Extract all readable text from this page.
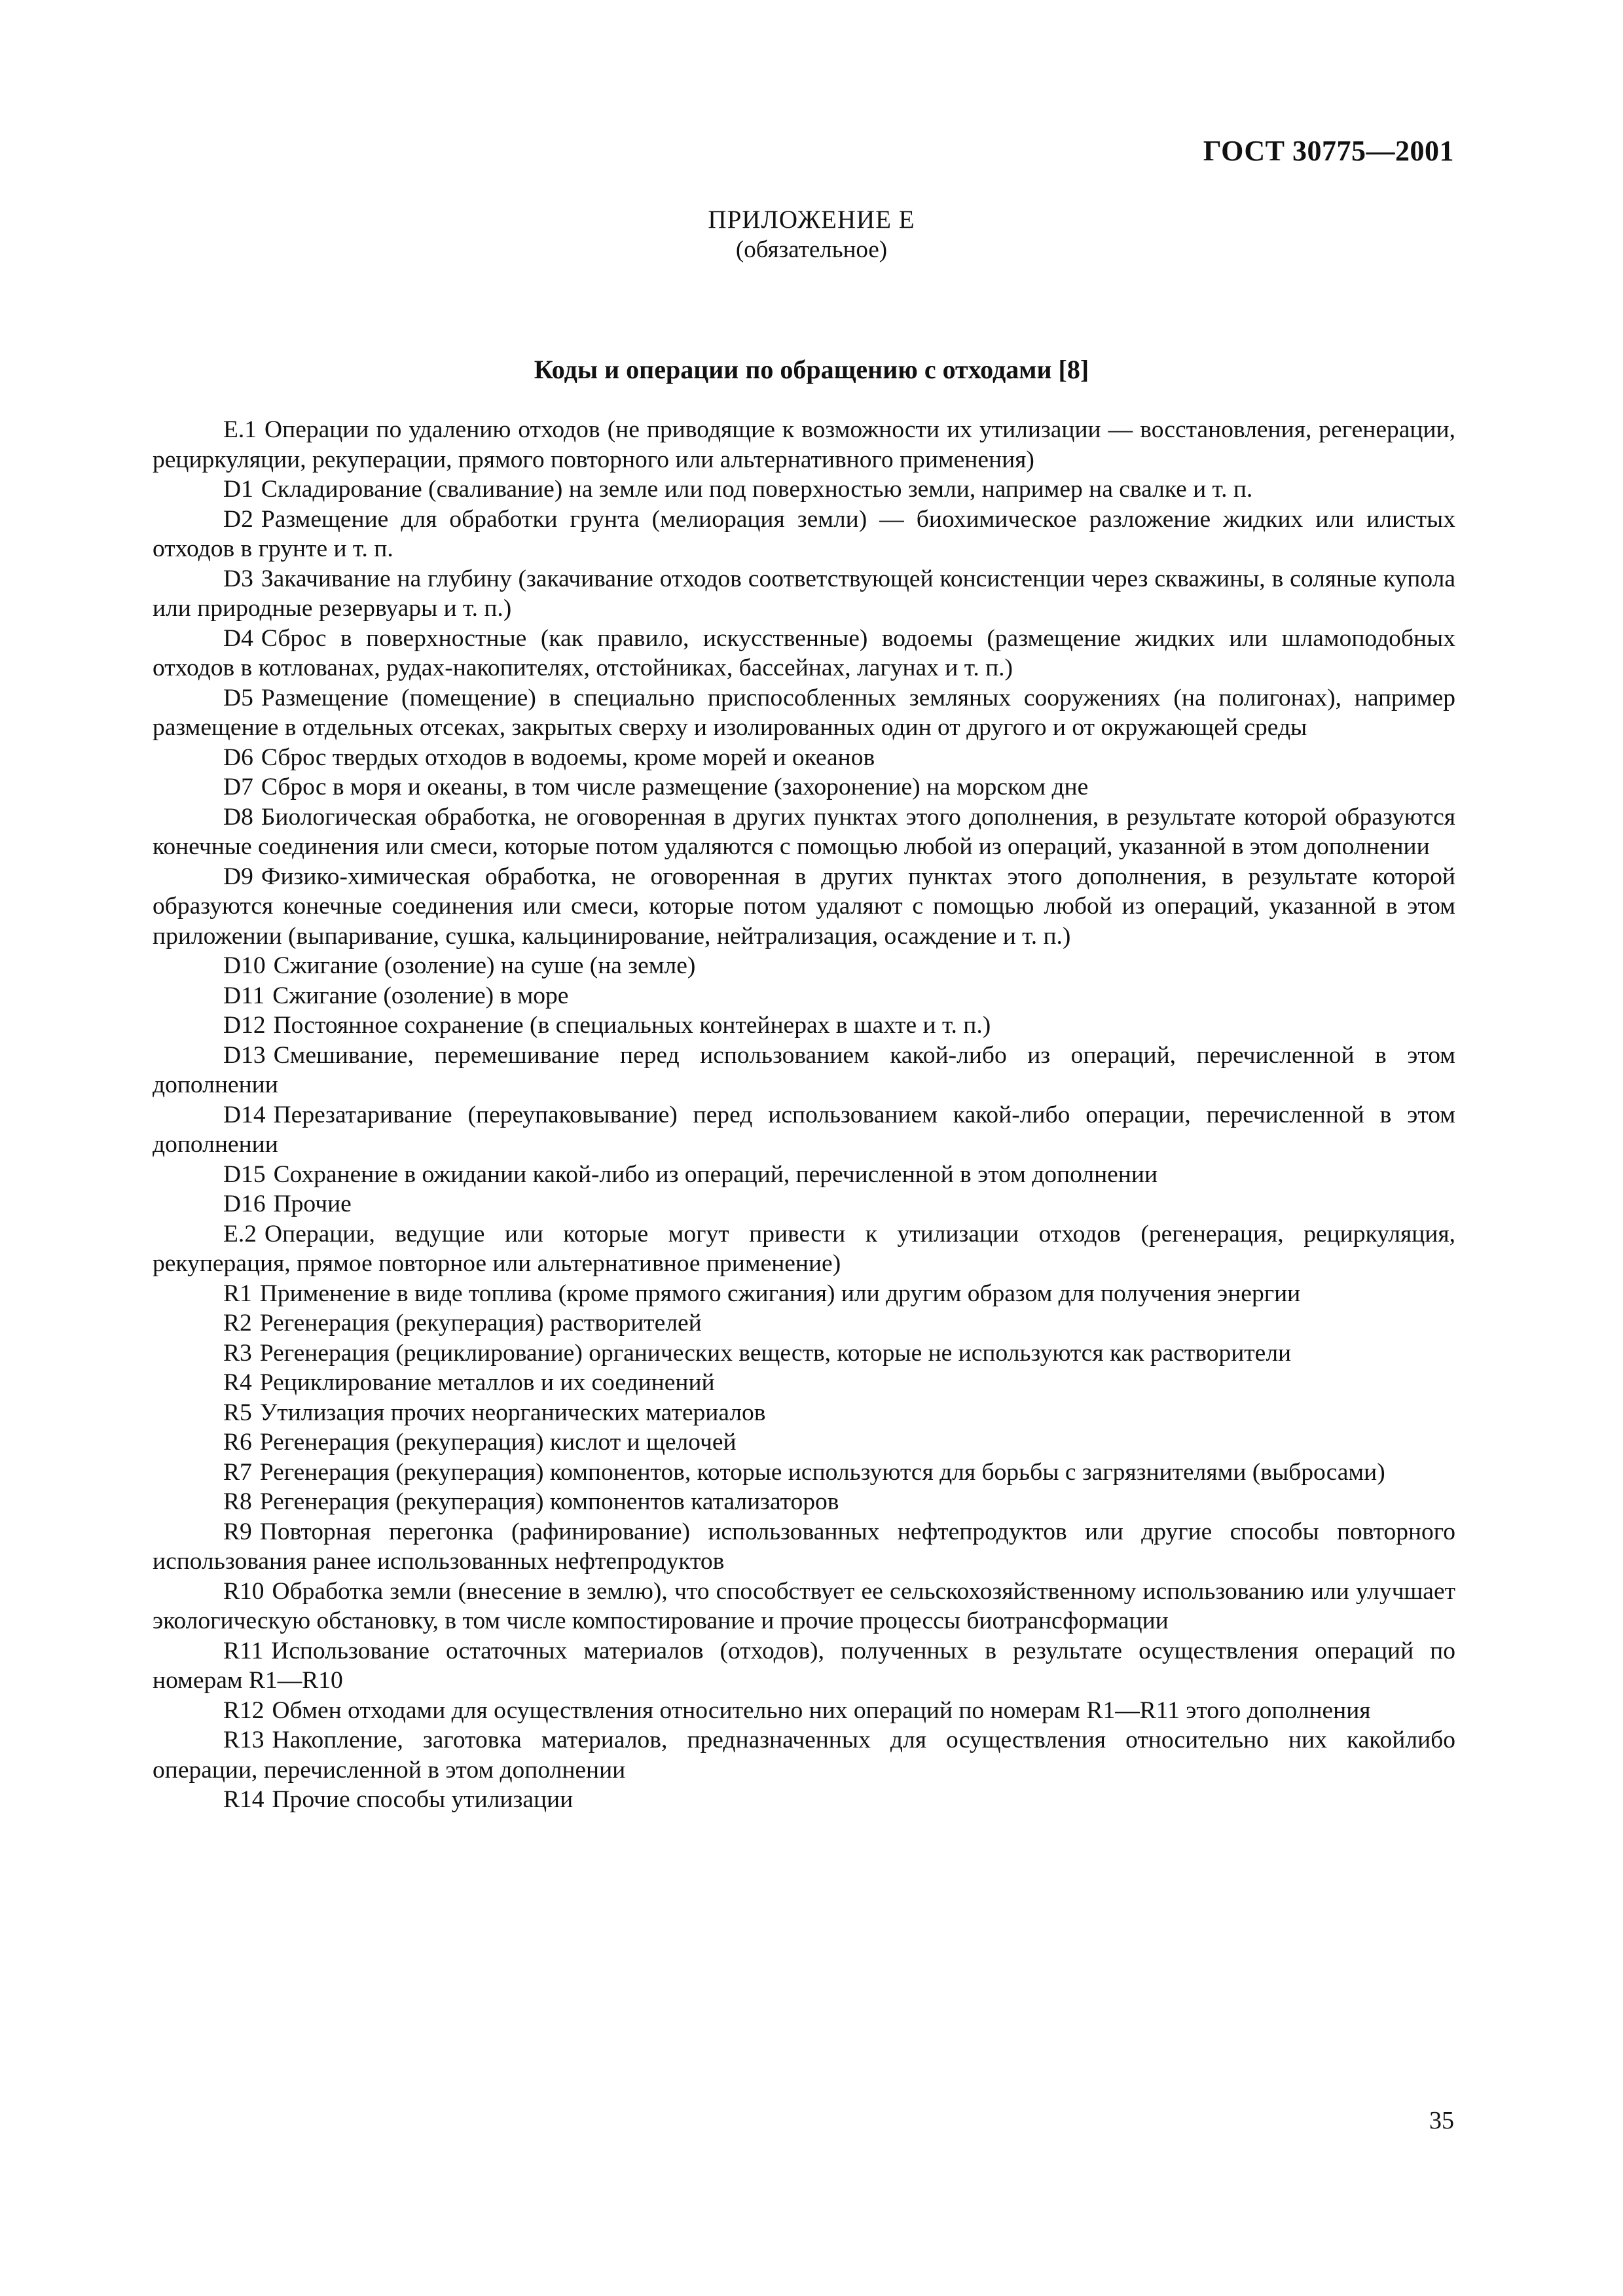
ГОСТ 30775—2001
ПРИЛОЖЕНИЕ Е
(обязательное)
Коды и операции по обращению с отходами [8]

Е.1 Операции по удалению отходов (не приводящие к возможности их утилизации — восстановления, регенерации, рециркуляции, рекуперации, прямого повторного или альтернативного применения)

D1 Складирование (сваливание) на земле или под поверхностью земли, например на свалке и т. п.

D2 Размещение для обработки грунта (мелиорация земли) — биохимическое разложение жидких или илистых отходов в грунте и т. п.

D3 Закачивание на глубину (закачивание отходов соответствующей консистенции через скважины, в соляные купола или природные резервуары и т. п.)

D4 Сброс в поверхностные (как правило, искусственные) водоемы (размещение жидких или шламоподобных отходов в котлованах, рудах-накопителях, отстойниках, бассейнах, лагунах и т. п.)

D5 Размещение (помещение) в специально приспособленных земляных сооружениях (на полигонах), например размещение в отдельных отсеках, закрытых сверху и изолированных один от другого и от окружающей среды

D6 Сброс твердых отходов в водоемы, кроме морей и океанов

D7 Сброс в моря и океаны, в том числе размещение (захоронение) на морском дне

D8 Биологическая обработка, не оговоренная в других пунктах этого дополнения, в результате которой образуются конечные соединения или смеси, которые потом удаляются с помощью любой из операций, указанной в этом дополнении

D9 Физико-химическая обработка, не оговоренная в других пунктах этого дополнения, в результате которой образуются конечные соединения или смеси, которые потом удаляют с помощью любой из операций, указанной в этом приложении (выпаривание, сушка, кальцинирование, нейтрализация, осаждение и т. п.)

D10 Сжигание (озоление) на суше (на земле)

D11 Сжигание (озоление) в море

D12 Постоянное сохранение (в специальных контейнерах в шахте и т. п.)

D13 Смешивание, перемешивание перед использованием какой-либо из операций, перечисленной в этом дополнении

D14 Перезатаривание (переупаковывание) перед использованием какой-либо операции, перечисленной в этом дополнении

D15 Сохранение в ожидании какой-либо из операций, перечисленной в этом дополнении

D16 Прочие

Е.2 Операции, ведущие или которые могут привести к утилизации отходов (регенерация, рециркуляция, рекуперация, прямое повторное или альтернативное применение)

R1 Применение в виде топлива (кроме прямого сжигания) или другим образом для получения энергии

R2 Регенерация (рекуперация) растворителей

R3 Регенерация (рециклирование) органических веществ, которые не используются как растворители

R4 Рециклирование металлов и их соединений

R5 Утилизация прочих неорганических материалов

R6 Регенерация (рекуперация) кислот и щелочей

R7 Регенерация (рекуперация) компонентов, которые используются для борьбы с загрязнителями (выбросами)

R8 Регенерация (рекуперация) компонентов катализаторов

R9 Повторная перегонка (рафинирование) использованных нефтепродуктов или другие способы повторного использования ранее использованных нефтепродуктов

R10 Обработка земли (внесение в землю), что способствует ее сельскохозяйственному использованию или улучшает экологическую обстановку, в том числе компостирование и прочие процессы биотрансформации

R11 Использование остаточных материалов (отходов), полученных в результате осуществления операций по номерам R1—R10

R12 Обмен отходами для осуществления относительно них операций по номерам R1—R11 этого дополнения

R13 Накопление, заготовка материалов, предназначенных для осуществления относительно них какойлибо операции, перечисленной в этом дополнении

R14 Прочие способы утилизации

35
